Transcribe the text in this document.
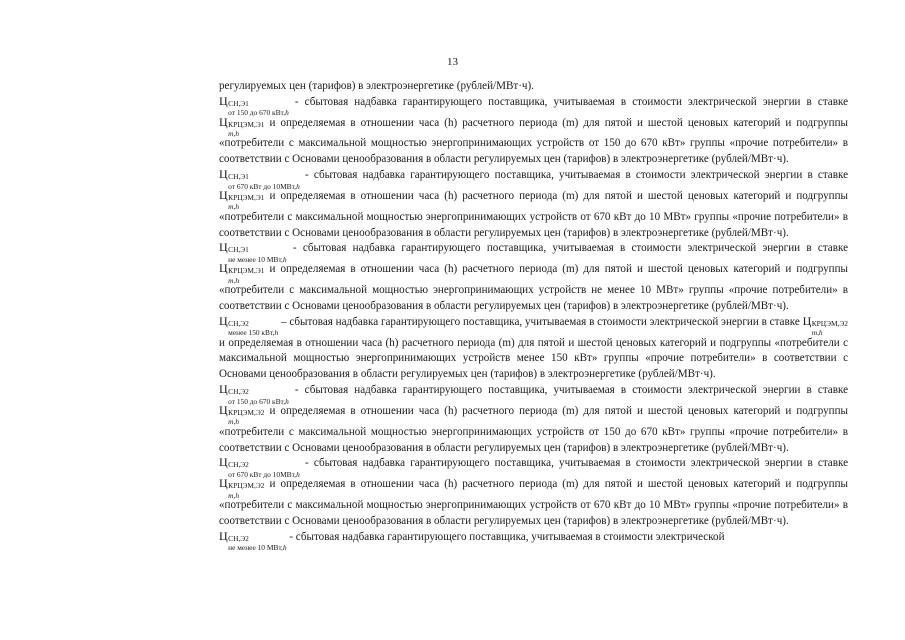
13

регулируемых цен (тарифов) в электроэнергетике (рублей/МВт·ч).

Ц СН,Э1
от 150 до 670 кВт,h
- сбытовая надбавка гарантирующего поставщика, учитываемая в стоимости электрической энергии в ставке Ц КРЦЭМ,Э1
m,h
и определяемая в отношении часа (h) расчетного периода (m) для пятой и шестой ценовых категорий и подгруппы «потребители с максимальной мощностью энергопринимающих устройств от 150 до 670 кВт» группы «прочие потребители» в соответствии с Основами ценообразования в области регулируемых цен (тарифов) в электроэнергетике (рублей/МВт·ч).

Ц СН,Э1
от 670 кВт до 10МВт,h
- сбытовая надбавка гарантирующего поставщика, учитываемая в стоимости электрической энергии в ставке Ц КРЦЭМ,Э1
m,h
и определяемая в отношении часа (h) расчетного периода (m) для пятой и шестой ценовых категорий и подгруппы «потребители с максимальной мощностью энергопринимающих устройств от 670 кВт до 10 МВт» группы «прочие потребители» в соответствии с Основами ценообразования в области регулируемых цен (тарифов) в электроэнергетике (рублей/МВт·ч).

Ц СН,Э1
не менее 10 МВт,h
- сбытовая надбавка гарантирующего поставщика, учитываемая в стоимости электрической энергии в ставке Ц КРЦЭМ,Э1
m,h
и определяемая в отношении часа (h) расчетного периода (m) для пятой и шестой ценовых категорий и подгруппы «потребители с максимальной мощностью энергопринимающих устройств не менее 10 МВт» группы «прочие потребители» в соответствии с Основами ценообразования в области регулируемых цен (тарифов) в электроэнергетике (рублей/МВт·ч).

Ц СН,Э2
менее 150 кВт,h
– сбытовая надбавка гарантирующего поставщика, учитываемая в стоимости электрической энергии в ставке Ц КРЦЭМ,Э2
m,h
и определяемая в отношении часа (h) расчетного периода (m) для пятой и шестой ценовых категорий и подгруппы «потребители с максимальной мощностью энергопринимающих устройств менее 150 кВт» группы «прочие потребители» в соответствии с Основами ценообразования в области регулируемых цен (тарифов) в электроэнергетике (рублей/МВт·ч).

Ц СН,Э2
от 150 до 670 кВт,h
- сбытовая надбавка гарантирующего поставщика, учитываемая в стоимости электрической энергии в ставке Ц КРЦЭМ,Э2
m,h
и определяемая в отношении часа (h) расчетного периода (m) для пятой и шестой ценовых категорий и подгруппы «потребители с максимальной мощностью энергопринимающих устройств от 150 до 670 кВт» группы «прочие потребители» в соответствии с Основами ценообразования в области регулируемых цен (тарифов) в электроэнергетике (рублей/МВт·ч).

Ц СН,Э2
от 670 кВт до 10МВт,h
- сбытовая надбавка гарантирующего поставщика, учитываемая в стоимости электрической энергии в ставке Ц КРЦЭМ,Э2
m,h
и определяемая в отношении часа (h) расчетного периода (m) для пятой и шестой ценовых категорий и подгруппы «потребители с максимальной мощностью энергопринимающих устройств от 670 кВт до 10 МВт» группы «прочие потребители» в соответствии с Основами ценообразования в области регулируемых цен (тарифов) в электроэнергетике (рублей/МВт·ч).

Ц СН,Э2
не менее 10 МВт,h
- сбытовая надбавка гарантирующего поставщика, учитываемая в стоимости электрической
